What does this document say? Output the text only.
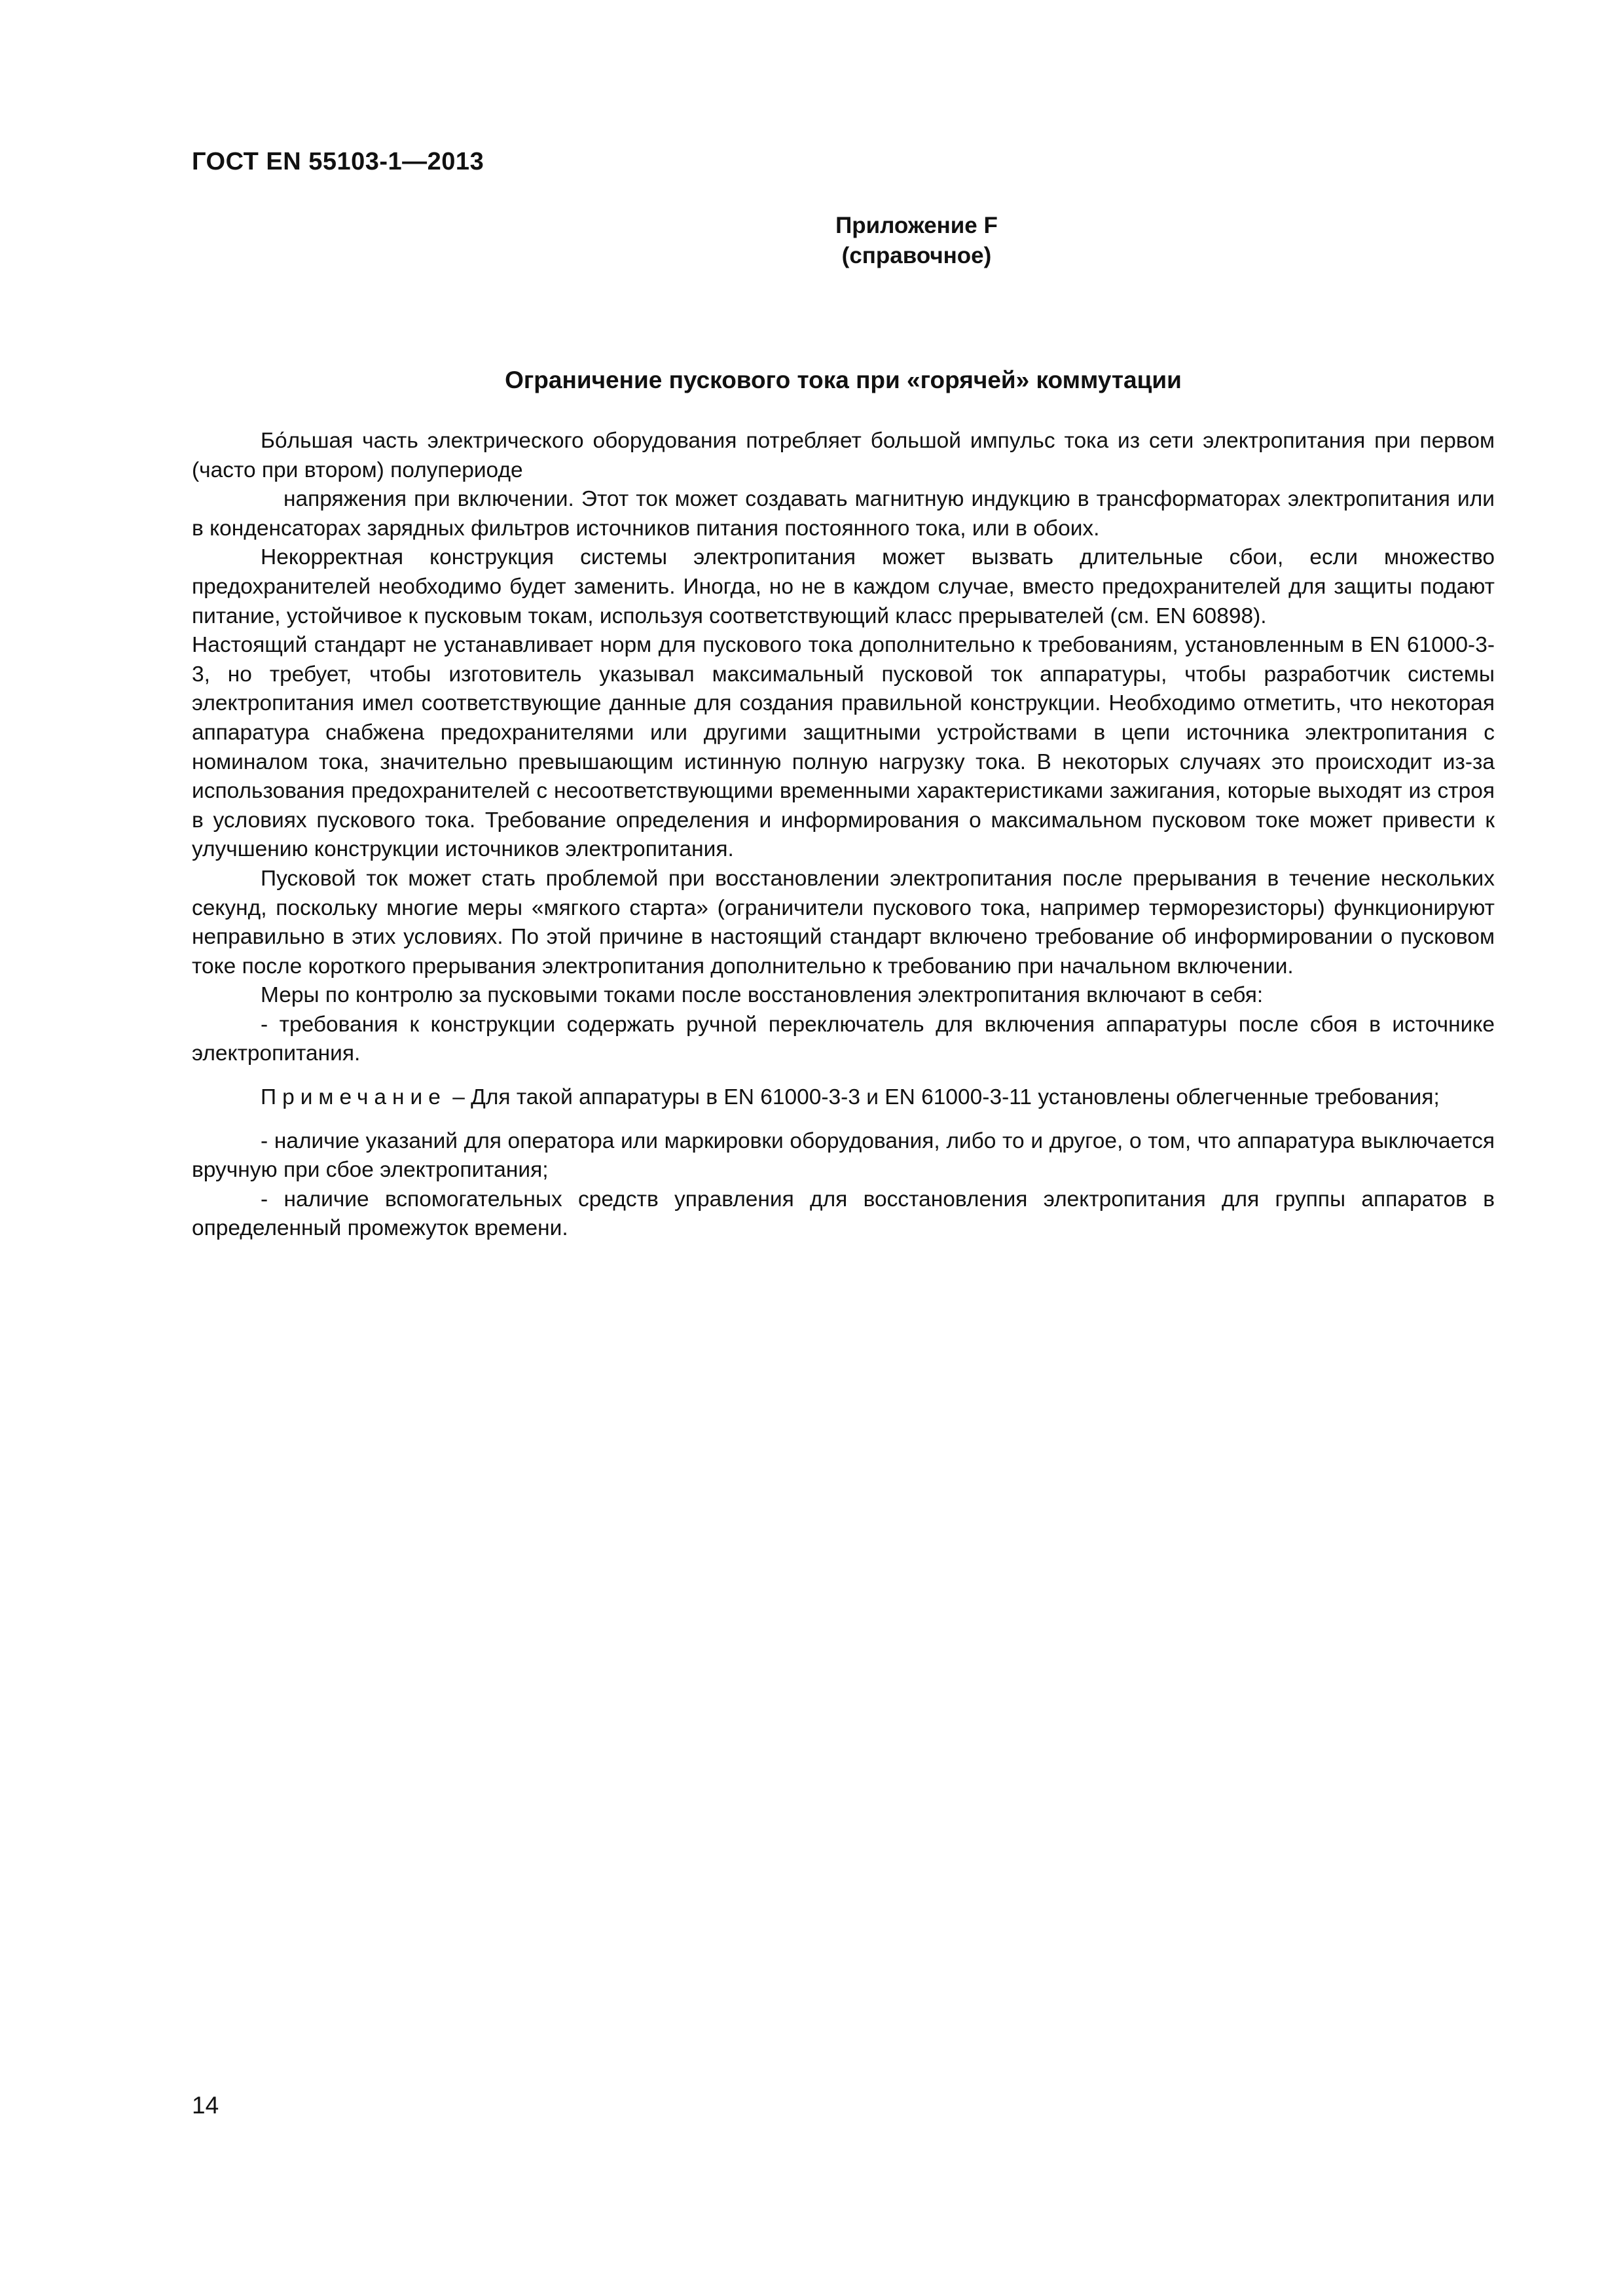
ГОСТ EN 55103-1—2013
Приложение F
(справочное)
Ограничение пускового тока при «горячей» коммутации

Бо́льшая часть электрического оборудования потребляет большой импульс тока из сети электропитания при первом (часто при втором) полупериоде

напряжения при включении. Этот ток может создавать магнитную индукцию в трансформаторах электропитания или в конденсаторах зарядных фильтров источников питания постоянного тока, или в обоих.

Некорректная конструкция системы электропитания может вызвать длительные сбои, если множество предохранителей необходимо будет заменить. Иногда, но не в каждом случае, вместо предохранителей для защиты подают питание, устойчивое к пусковым токам, используя соответствующий класс прерывателей (см. EN 60898).

Настоящий стандарт не устанавливает норм для пускового тока дополнительно к требованиям, установленным в EN 61000-3-3, но требует, чтобы изготовитель указывал максимальный пусковой ток аппаратуры, чтобы разработчик системы электропитания имел соответствующие данные для создания правильной конструкции. Необходимо отметить, что некоторая аппаратура снабжена предохранителями или другими защитными устройствами в цепи источника электропитания с номиналом тока, значительно превышающим истинную полную нагрузку тока. В некоторых случаях это происходит из-за использования предохранителей с несоответствующими временными характеристиками зажигания, которые выходят из строя в условиях пускового тока. Требование определения и информирования о максимальном пусковом токе может привести к улучшению конструкции источников электропитания.

Пусковой ток может стать проблемой при восстановлении электропитания после прерывания в течение нескольких секунд, поскольку многие меры «мягкого старта» (ограничители пускового тока, например терморезисторы) функционируют неправильно в этих условиях. По этой причине в настоящий стандарт включено требование об информировании о пусковом токе после короткого прерывания электропитания дополнительно к требованию при начальном включении.

Меры по контролю за пусковыми токами после восстановления электропитания включают в себя:

- требования к конструкции содержать ручной переключатель для включения аппаратуры после сбоя в источнике электропитания.

Примечание – Для такой аппаратуры в EN 61000-3-3 и EN 61000-3-11 установлены облегченные требования;

- наличие указаний для оператора или маркировки оборудования, либо то и другое, о том, что аппаратура выключается вручную при сбое электропитания;

- наличие вспомогательных средств управления для восстановления электропитания для группы аппаратов в определенный промежуток времени.

14
